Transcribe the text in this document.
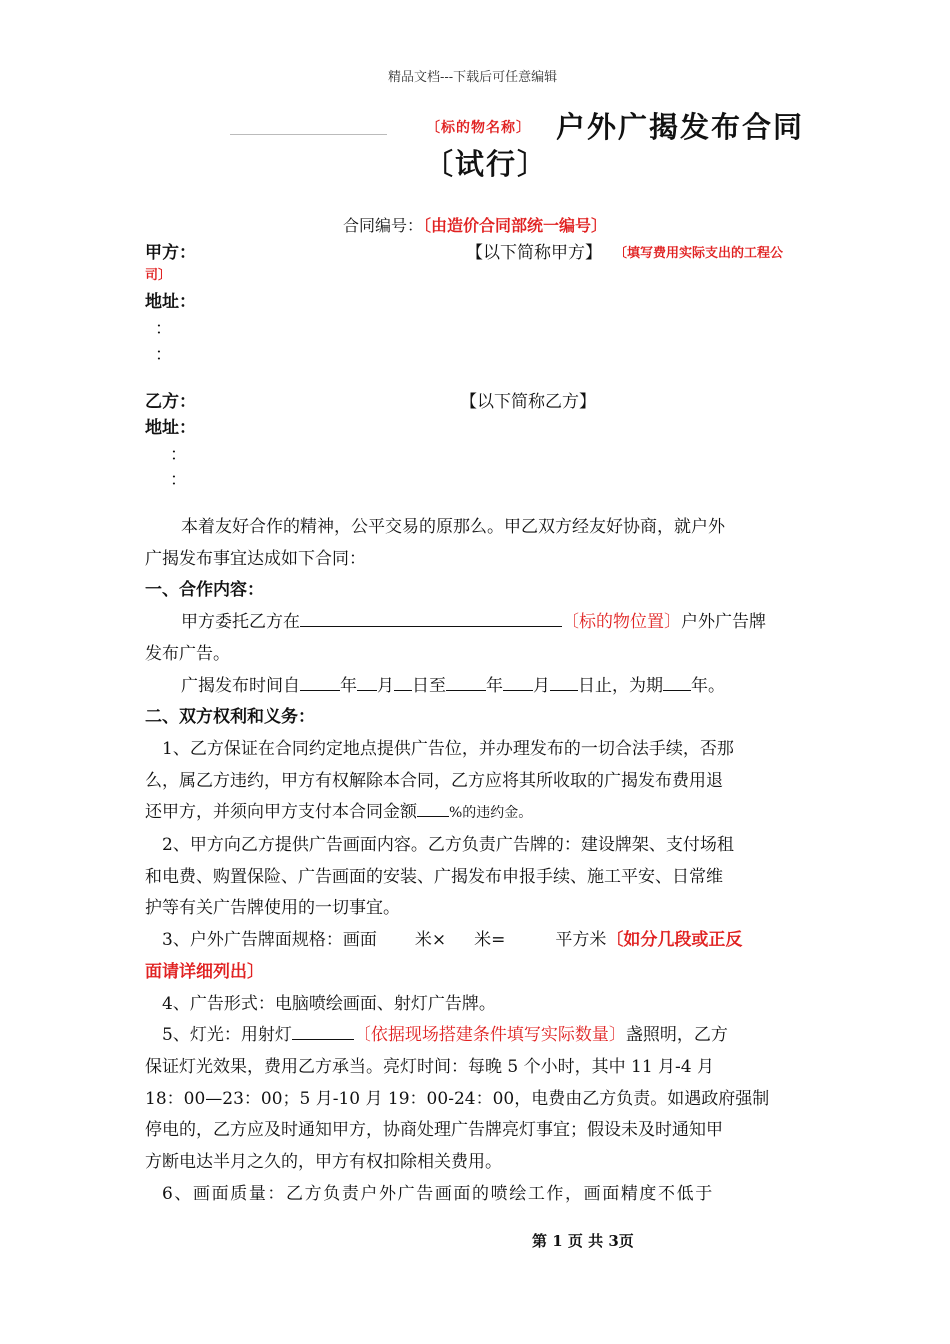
精品文档---下载后可任意编辑
〔标的物名称〕 户外广揭发布合同
〔试行〕
合同编号：〔由造价合同部统一编号〕
甲方：	【以下简称甲方】 〔填写费用实际支出的工程公
司〕
地址：
：
：
乙方：	【以下简称乙方】
地址：
：
：
本着友好合作的精神，公平交易的原那么。甲乙双方经友好协商，就户外
广揭发布事宜达成如下合同：
一、合作内容：
甲方委托乙方在	〔标的物位置〕户外广告牌
发布广告。
广揭发布时间自 年 月 日至 年 月 日止，为期 年。
二、双方权利和义务：
1、乙方保证在合同约定地点提供广告位，并办理发布的一切合法手续，否那
么，属乙方违约，甲方有权解除本合同，乙方应将其所收取的广揭发布费用退
还甲方，并须向甲方支付本合同金额 %的违约金。
2、甲方向乙方提供广告画面内容。乙方负责广告牌的：建设牌架、支付场租
和电费、购置保险、广告画面的安装、广揭发布申报手续、施工平安、日常维
护等有关广告牌使用的一切事宜。
3、户外广告牌面规格：画面 米× 米=	平方米〔如分几段或正反
面请详细列出〕
4、广告形式：电脑喷绘画面、射灯广告牌。
5、灯光：用射灯	〔依据现场搭建条件填写实际数量〕盏照明，乙方
保证灯光效果，费用乙方承当。亮灯时间：每晚 5 个小时，其中 11 月-4 月
18：00—23：00；5 月-10 月 19：00-24：00，电费由乙方负责。如遇政府强制
停电的，乙方应及时通知甲方，协商处理广告牌亮灯事宜；假设未及时通知甲
方断电达半月之久的，甲方有权扣除相关费用。
6、画面质量：乙方负责户外广告画面的喷绘工作，画面精度不低于
第 1 页 共 3页
